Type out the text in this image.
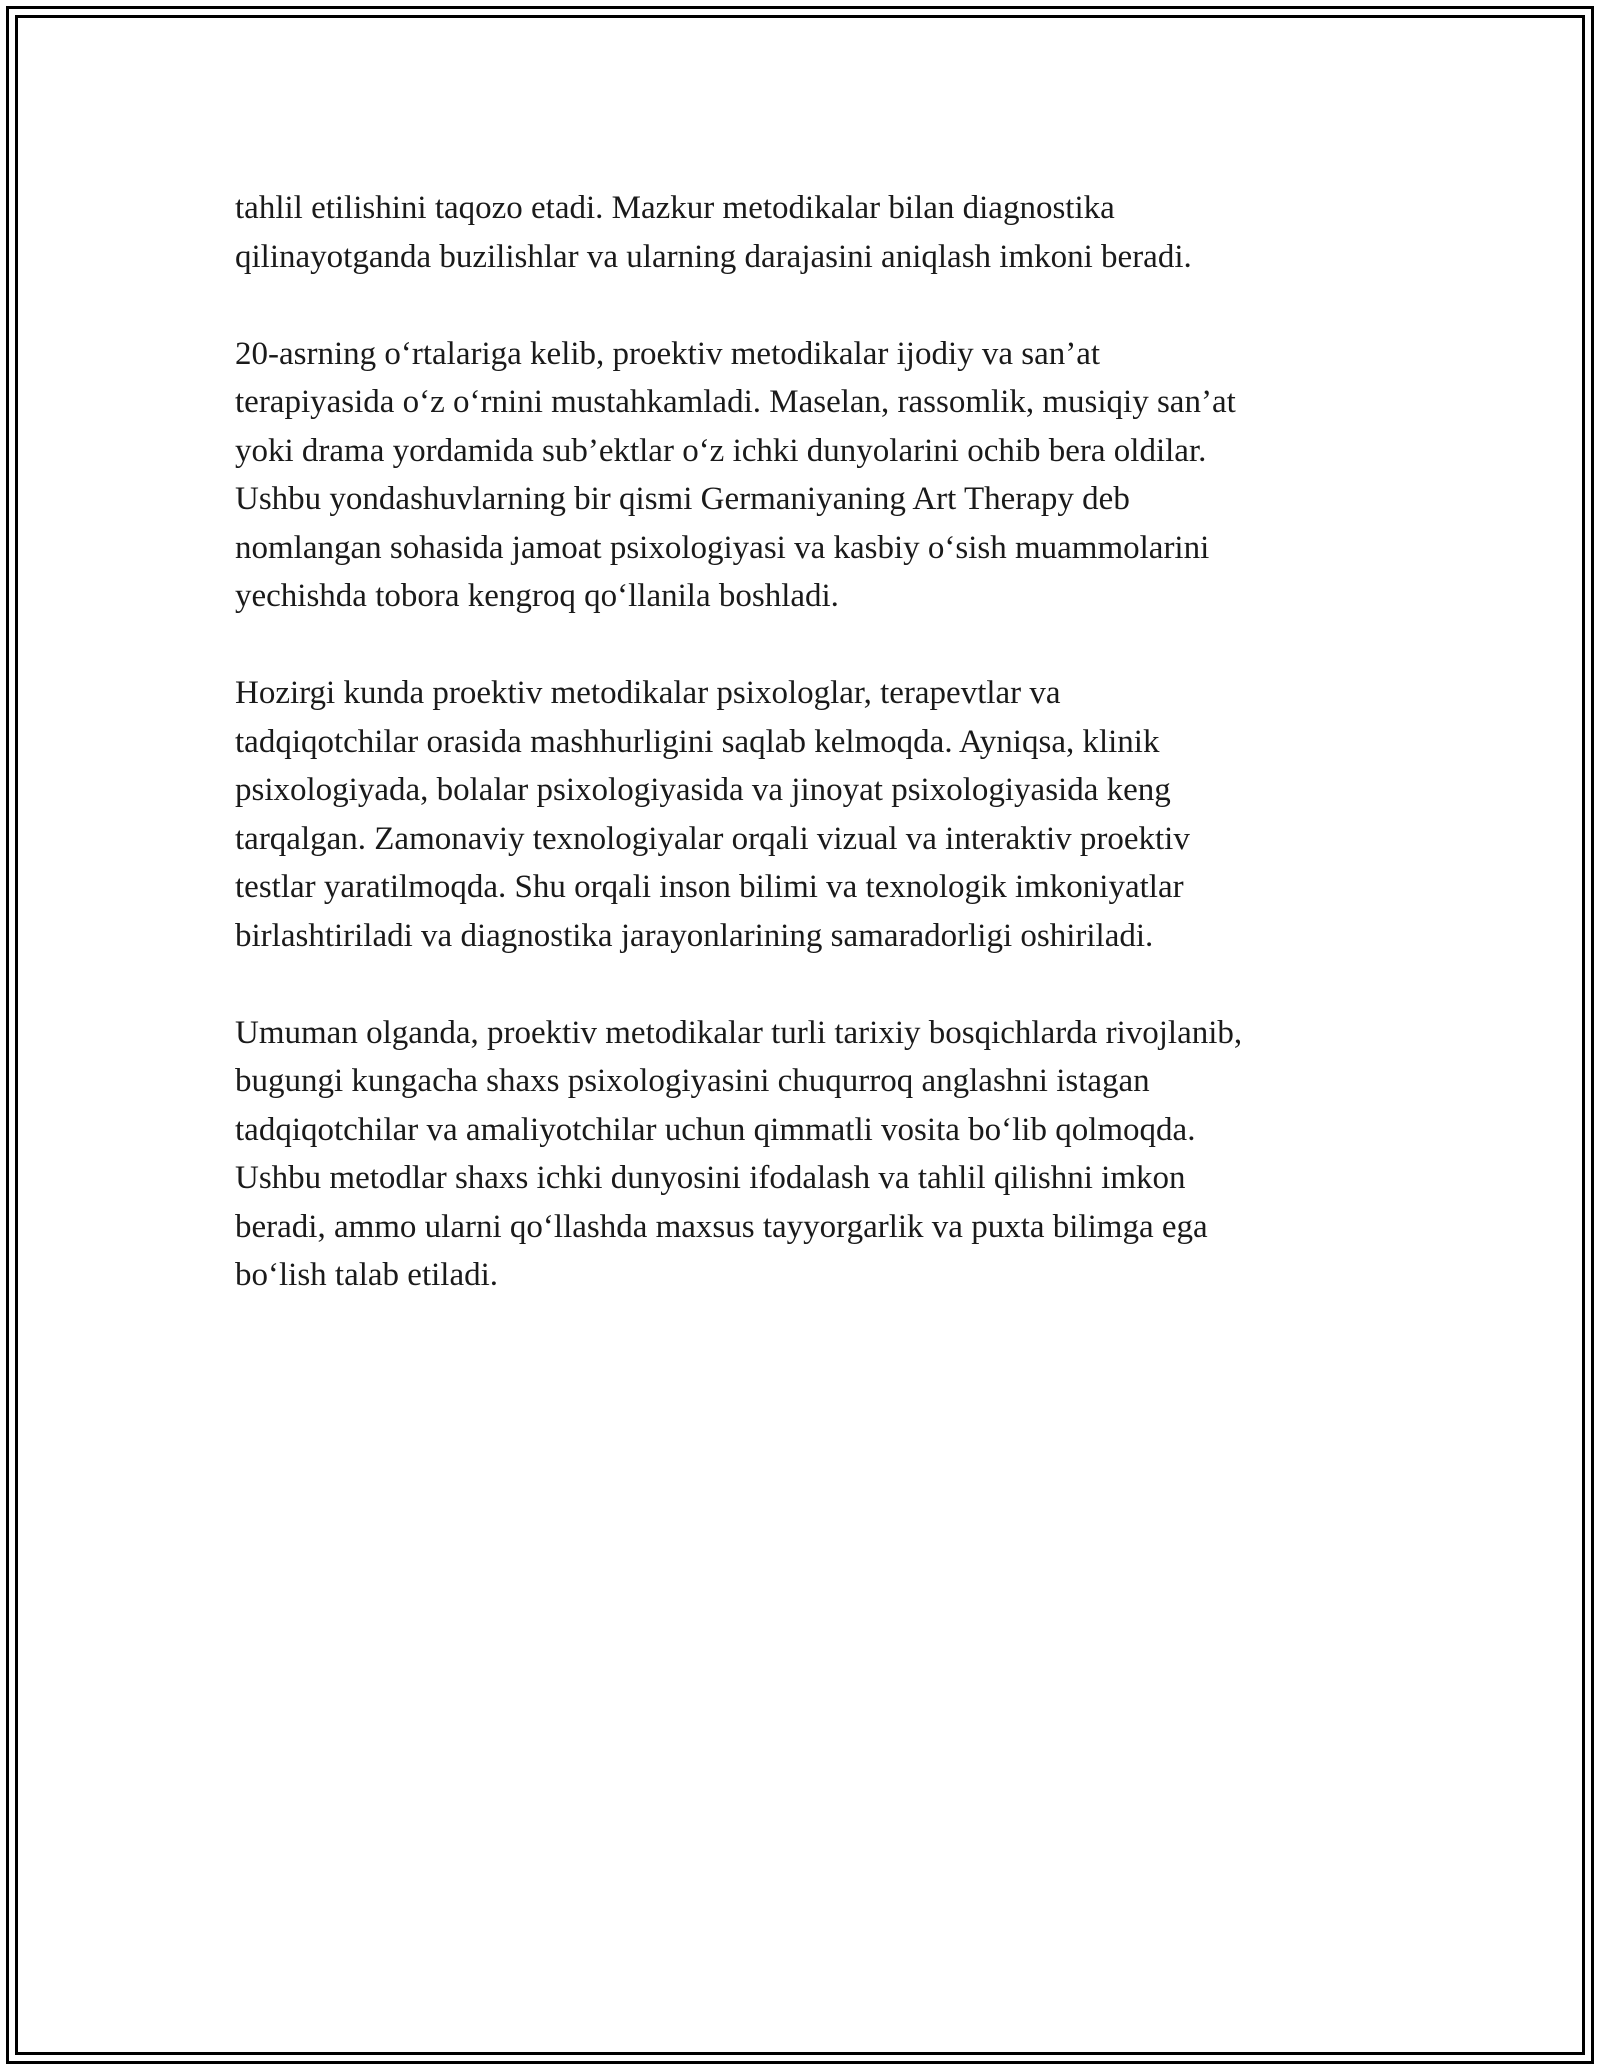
tahlil etilishini taqozo etadi. Mazkur metodikalar bilan diagnostika
qilinayotganda buzilishlar va ularning darajasini aniqlash imkoni beradi.

20-asrning o‘rtalariga kelib, proektiv metodikalar ijodiy va san’at
terapiyasida o‘z o‘rnini mustahkamladi. Maselan, rassomlik, musiqiy san’at
yoki drama yordamida sub’ektlar o‘z ichki dunyolarini ochib bera oldilar.
Ushbu yondashuvlarning bir qismi Germaniyaning Art Therapy deb
nomlangan sohasida jamoat psixologiyasi va kasbiy o‘sish muammolarini
yechishda tobora kengroq qo‘llanila boshladi.

Hozirgi kunda proektiv metodikalar psixologlar, terapevtlar va
tadqiqotchilar orasida mashhurligini saqlab kelmoqda. Ayniqsa, klinik
psixologiyada, bolalar psixologiyasida va jinoyat psixologiyasida keng
tarqalgan. Zamonaviy texnologiyalar orqali vizual va interaktiv proektiv
testlar yaratilmoqda. Shu orqali inson bilimi va texnologik imkoniyatlar
birlashtiriladi va diagnostika jarayonlarining samaradorligi oshiriladi.

Umuman olganda, proektiv metodikalar turli tarixiy bosqichlarda rivojlanib,
bugungi kungacha shaxs psixologiyasini chuqurroq anglashni istagan
tadqiqotchilar va amaliyotchilar uchun qimmatli vosita bo‘lib qolmoqda.
Ushbu metodlar shaxs ichki dunyosini ifodalash va tahlil qilishni imkon
beradi, ammo ularni qo‘llashda maxsus tayyorgarlik va puxta bilimga ega
bo‘lish talab etiladi.
